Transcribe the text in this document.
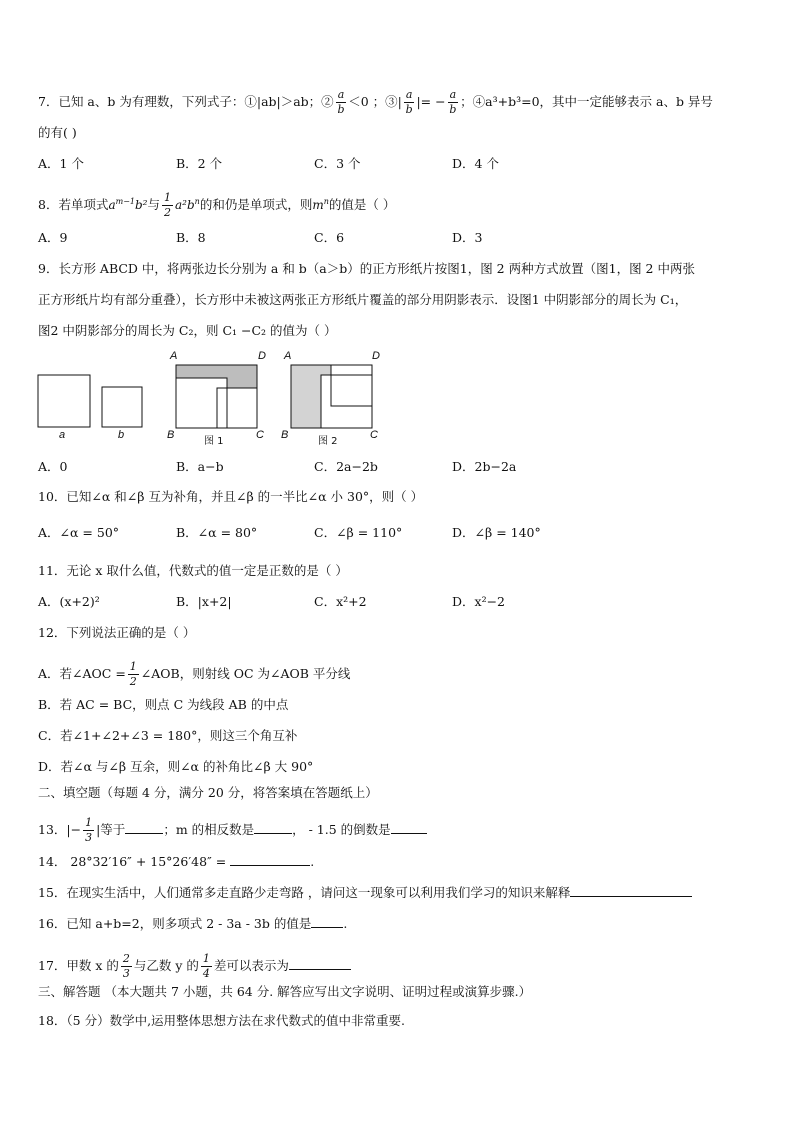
7．已知 a、b 为有理数，下列式子：①|ab|＞ab；② $\frac{a}{b} <0$ ；③| $\frac{a}{b}$ |= − $\frac{a}{b}$ ；④a³+b³=0，其中一定能够表示 a、b 异号
的有( )
A．1 个	B．2 个	C．3 个	D．4 个
8．若单项式$a^{m-1}b^2$与 $\frac{1}{2} a^2b^n$的和仍是单项式，则$m^n$的值是（ ）
A．9	B．8	C．6	D．3
9．长方形 ABCD 中，将两张边长分别为 a 和 b（a＞b）的正方形纸片按图1，图 2 两种方式放置（图1，图 2 中两张
正方形纸片均有部分重叠），长方形中未被这两张正方形纸片覆盖的部分用阴影表示．设图1 中阴影部分的周长为 C₁，
图2 中阴影部分的周长为 C₂，则 C₁ −C₂ 的值为（ ）
a	b
A	D
B	C
图 1
A	D
B	C
图 2
A．0	B．a−b	C．2a−2b	D．2b−2a
10．已知∠α 和∠β 互为补角，并且∠β 的一半比∠α 小 30°，则（ ）
A．∠α = 50°	B．∠α = 80°	C．∠β = 110°	D．∠β = 140°
11．无论 x 取什么值，代数式的值一定是正数的是（ ）
A．(x+2)²	B．|x+2|	C．x²+2	D．x²−2
12．下列说法正确的是（ ）
A．若∠AOC = $\frac{1}{2}$ ∠AOB，则射线 OC 为∠AOB 平分线
B．若 AC = BC，则点 C 为线段 AB 的中点
C．若∠1+∠2+∠3 = 180°，则这三个角互补
D．若∠α 与∠β 互余，则∠α 的补角比∠β 大 90°
二、填空题（每题 4 分，满分 20 分，将答案填在答题纸上）
13．|− $\frac{1}{3}$ |等于	；m 的相反数是	， - 1.5 的倒数是
14． 28°32′16″ + 15°26′48″ =	.
15．在现实生活中，人们通常多走直路少走弯路 ，请问这一现象可以利用我们学习的知识来解释
16．已知 a+b=2，则多项式 2 - 3a - 3b 的值是	.
17．甲数 x 的 $\frac{2}{3}$ 与乙数 y 的 $\frac{1}{4}$ 差可以表示为
三、解答题 （本大题共 7 小题，共 64 分. 解答应写出文字说明、证明过程或演算步骤.）
18．（5 分）数学中,运用整体思想方法在求代数式的值中非常重要.
